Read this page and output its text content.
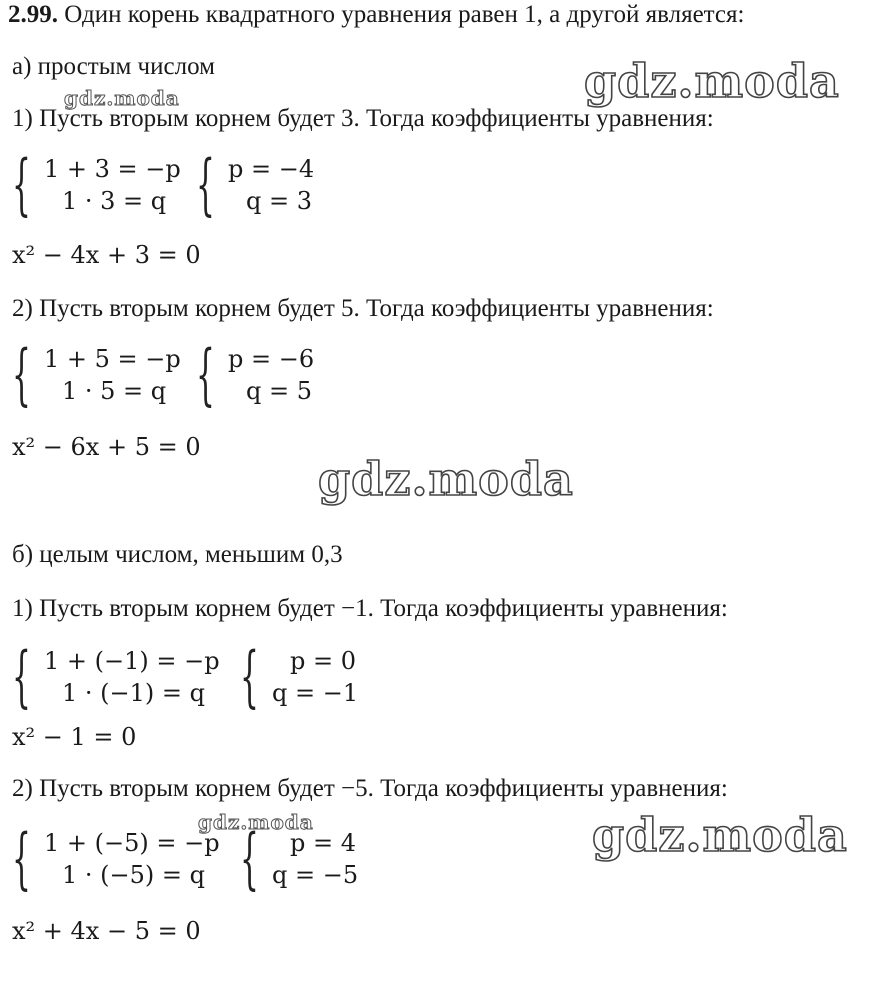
2.99. Один корень квадратного уравнения равен 1, а другой является:
а) простым числом
1) Пусть вторым корнем будет 3. Тогда коэффициенты уравнения:
{ 1 + 3 = −p
1 · 3 = q { p = −4
q = 3
x² − 4x + 3 = 0
2) Пусть вторым корнем будет 5. Тогда коэффициенты уравнения:
{ 1 + 5 = −p
1 · 5 = q { p = −6
q = 5
x² − 6x + 5 = 0
б) целым числом, меньшим 0,3
1) Пусть вторым корнем будет −1. Тогда коэффициенты уравнения:
{ 1 + (−1) = −p
1 · (−1) = q {	p = 0
q = −1
x² − 1 = 0
2) Пусть вторым корнем будет −5. Тогда коэффициенты уравнения:
{ 1 + (−5) = −p
1 · (−5) = q {	p = 4
q = −5
x² + 4x − 5 = 0
gdz.moda
gdz.moda
gdz.moda
gdz.moda	gdz.moda
